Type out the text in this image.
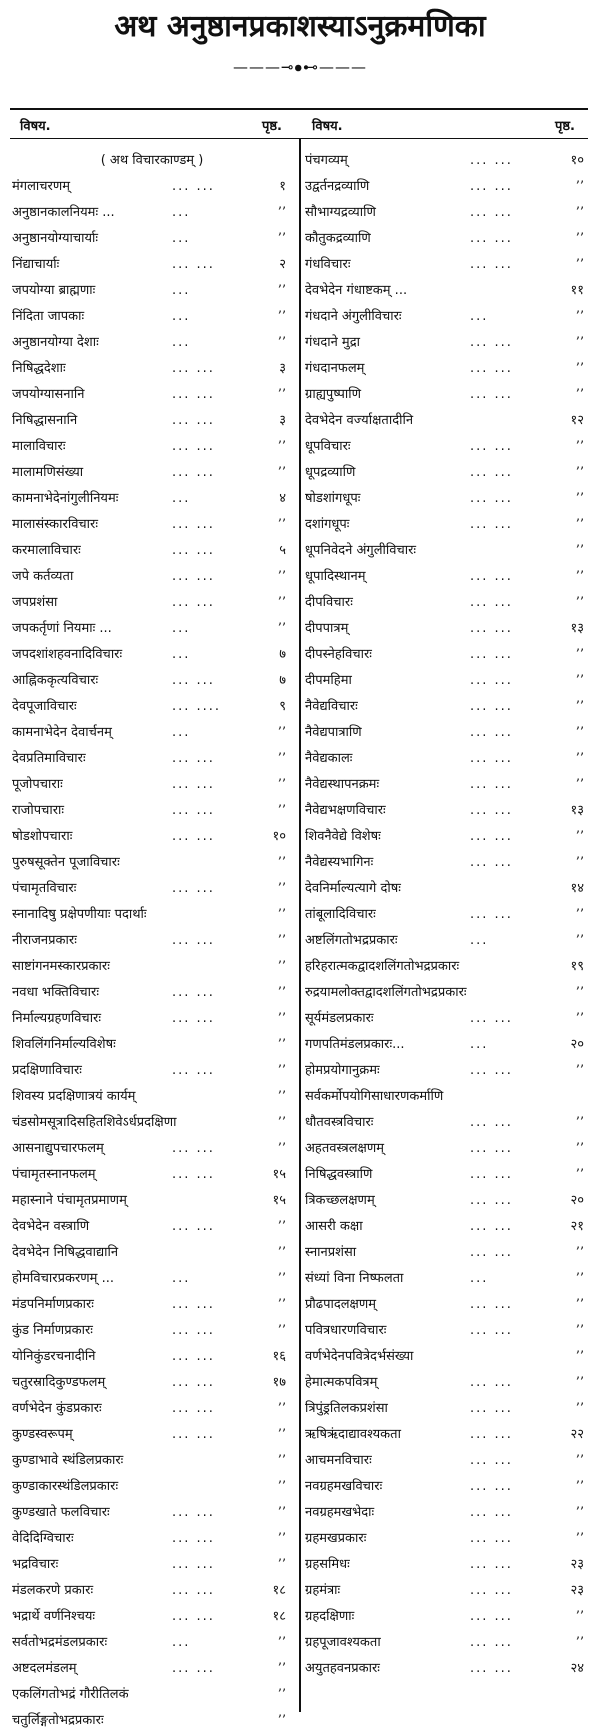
अथ अनुष्ठानप्रकाशस्याऽनुक्रमणिका
———⊸⦁⊷———
विषय.	पृष्ठ. विषय.	पृष्ठ.
( अथ विचारकाण्डम् )
मंगलाचरणम्	... ...	१
अनुष्ठानकालनियमः ...	...	’’
अनुष्ठानयोग्याचार्याः	...	’’
निंद्याचार्याः	... ...	२
जपयोग्या ब्राह्मणाः	...	’’
निंदिता जापकाः	...	’’
अनुष्ठानयोग्या देशाः	...	’’
निषिद्धदेशाः	... ...	३
जपयोग्यासनानि	... ...	’’
निषिद्धासनानि	... ...	३
मालाविचारः	... ...	’’
मालामणिसंख्या	... ...	’’
कामनाभेदेनांगुलीनियमः	...	४
मालासंस्कारविचारः	... ...	’’
करमालाविचारः	... ...	५
जपे कर्तव्यता	... ...	’’
जपप्रशंसा	... ...	’’
जपकर्तृणां नियमाः ...	...	’’
जपदशांशहवनादिविचारः	...	७
आह्निककृत्यविचारः	... ...	७
देवपूजाविचारः	... ....	९
कामनाभेदेन देवार्चनम्	...	’’
देवप्रतिमाविचारः	... ...	’’
पूजोपचाराः	... ...	’’
राजोपचाराः	... ...	’’
षोडशोपचाराः	... ...	१०
पुरुषसूक्तेन पूजाविचारः	’’
पंचामृतविचारः	... ...	’’
स्नानादिषु प्रक्षेपणीयाः पदार्थाः	’’
नीराजनप्रकारः	... ...	’’
साष्टांगनमस्कारप्रकारः	’’
नवधा भक्तिविचारः	... ...	’’
निर्माल्यग्रहणविचारः	... ...	’’
शिवलिंगनिर्माल्यविशेषः	’’
प्रदक्षिणाविचारः	... ...	’’
शिवस्य प्रदक्षिणात्रयं कार्यम्	’’
चंडसोमसूत्रादिसहितशिवेऽर्धप्रदक्षिणा	’’
आसनाद्युपचारफलम्	... ...	’’
पंचामृतस्नानफलम्	... ...	१५
महास्नाने पंचामृतप्रमाणम्	१५
देवभेदेन वस्त्राणि	... ...	’’
देवभेदेन निषिद्धवाद्यानि	’’
होमविचारप्रकरणम् ...	...	’’
मंडपनिर्माणप्रकारः	... ...	’’
कुंड निर्माणप्रकारः	... ...	’’
योनिकुंडरचनादीनि	... ...	१६
चतुरस्रादिकुण्डफलम्	... ...	१७
वर्णभेदेन कुंडप्रकारः	... ...	’’
कुण्डस्वरूपम्	... ...	’’
कुण्डाभावे स्थंडिलप्रकारः	’’
कुण्डाकारस्थंडिलप्रकारः	’’
कुण्डखाते फलविचारः	... ...	’’
वेदिदिग्विचारः	... ...	’’
भद्रविचारः	... ...	’’
मंडलकरणे प्रकारः	... ...	१८
भद्रार्थे वर्णनिश्चयः	... ...	१८
सर्वतोभद्रमंडलप्रकारः	...	’’
अष्टदलमंडलम्	... ...	’’
एकलिंगतोभद्रं गौरीतिलकं	’’
चतुर्लिङ्गतोभद्रप्रकारः	’’
पंचगव्यम्	... ...	१०
उद्वर्तनद्रव्याणि	... ...	’’
सौभाग्यद्रव्याणि	... ...	’’
कौतुकद्रव्याणि	... ...	’’
गंधविचारः	... ...	’’
देवभेदेन गंधाष्टकम् ...	११
गंधदाने अंगुलीविचारः	...	’’
गंधदाने मुद्रा	... ...	’’
गंधदानफलम्	... ...	’’
ग्राह्यपुष्पाणि	... ...	’’
देवभेदेन वर्ज्याक्षतादीनि	१२
धूपविचारः	... ...	’’
धूपद्रव्याणि	... ...	’’
षोडशांगधूपः	... ...	’’
दशांगधूपः	... ...	’’
धूपनिवेदने अंगुलीविचारः	’’
धूपादिस्थानम्	... ...	’’
दीपविचारः	... ...	’’
दीपपात्रम्	... ...	१३
दीपस्नेहविचारः	... ...	’’
दीपमहिमा	... ...	’’
नैवेद्यविचारः	... ...	’’
नैवेद्यपात्राणि	... ...	’’
नैवेद्यकालः	... ...	’’
नैवेद्यस्थापनक्रमः	... ...	’’
नैवेद्यभक्षणविचारः	... ...	१३
शिवनैवेद्ये विशेषः	... ...	’’
नैवेद्यस्यभागिनः	... ...	’’
देवनिर्माल्यत्यागे दोषः	१४
तांबूलादिविचारः	... ...	’’
अष्टलिंगतोभद्रप्रकारः	...	’’
हरिहरात्मकद्वादशलिंगतोभद्रप्रकारः	१९
रुद्रयामलोक्तद्वादशलिंगतोभद्रप्रकारः	’’
सूर्यमंडलप्रकारः	... ...	’’
गणपतिमंडलप्रकारः...	...	२०
होमप्रयोगानुक्रमः	... ...	’’
सर्वकर्मोपयोगिसाधारणकर्माणि
धौतवस्त्रविचारः	... ...	’’
अहतवस्त्रलक्षणम्	... ...	’’
निषिद्धवस्त्राणि	... ...	’’
त्रिकच्छलक्षणम्	... ...	२०
आसरी कक्षा	... ...	२१
स्नानप्रशंसा	... ...	’’
संध्यां विना निष्फलता	...	’’
प्रौढपादलक्षणम्	... ...	’’
पवित्रधारणविचारः	... ...	’’
वर्णभेदेनपवित्रेदर्भसंख्या	’’
हेमात्मकपवित्रम्	... ...	’’
त्रिपुंड्रतिलकप्रशंसा	... ...	’’
ऋषिऋंदाद्यावश्यकता	... ...	२२
आचमनविचारः	... ...	’’
नवग्रहमखविचारः	... ...	’’
नवग्रहमखभेदाः	... ...	’’
ग्रहमखप्रकारः	... ...	’’
ग्रहसमिधः	... ...	२३
ग्रहमंत्राः	... ...	२३
ग्रहदक्षिणाः	... ...	’’
ग्रहपूजावश्यकता	... ...	’’
अयुतहवनप्रकारः	... ...	२४
